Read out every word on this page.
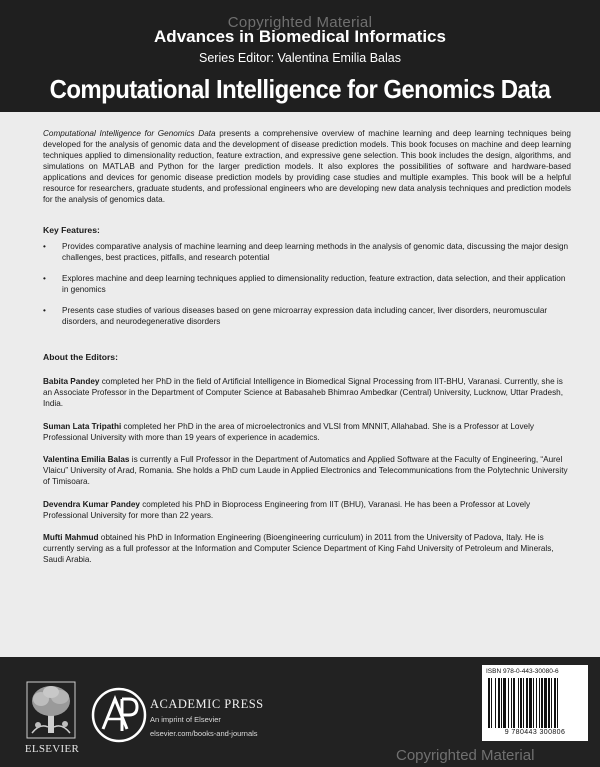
Copyrighted Material
Advances in Biomedical Informatics
Series Editor: Valentina Emilia Balas
Computational Intelligence for Genomics Data

Computational Intelligence for Genomics Data presents a comprehensive overview of machine learning and deep learning techniques being developed for the analysis of genomic data and the development of disease prediction models. This book focuses on machine and deep learning techniques applied to dimensionality reduction, feature extraction, and expressive gene selection. This book includes the design, algorithms, and simulations on MATLAB and Python for the larger prediction models. It also explores the possibilities of software and hardware-based applications and devices for genomic disease prediction models by providing case studies and multiple examples. This book will be a helpful resource for researchers, graduate students, and professional engineers who are developing new data analysis techniques and prediction models for the analysis of genomics data.

Key Features:

• Provides comparative analysis of machine learning and deep learning methods in the analysis of genomic data, discussing the major design challenges, best practices, pitfalls, and research potential
• Explores machine and deep learning techniques applied to dimensionality reduction, feature extraction, data selection, and their application in genomics
• Presents case studies of various diseases based on gene microarray expression data including cancer, liver disorders, neuromuscular disorders, and neurodegenerative disorders

About the Editors:

Babita Pandey completed her PhD in the field of Artificial Intelligence in Biomedical Signal Processing from IIT-BHU, Varanasi. Currently, she is an Associate Professor in the Department of Computer Science at Babasaheb Bhimrao Ambedkar (Central) University, Lucknow, Uttar Pradesh, India.

Suman Lata Tripathi completed her PhD in the area of microelectronics and VLSI from MNNIT, Allahabad. She is a Professor at Lovely Professional University with more than 19 years of experience in academics.

Valentina Emilia Balas is currently a Full Professor in the Department of Automatics and Applied Software at the Faculty of Engineering, “Aurel Vlaicu” University of Arad, Romania. She holds a PhD cum Laude in Applied Electronics and Telecommunications from the Polytechnic University of Timisoara.

Devendra Kumar Pandey completed his PhD in Bioprocess Engineering from IIT (BHU), Varanasi. He has been a Professor at Lovely Professional University for more than 22 years.

Mufti Mahmud obtained his PhD in Information Engineering (Bioengineering curriculum) in 2011 from the University of Padova, Italy. He is currently serving as a full professor at the Information and Computer Science Department of King Fahd University of Petroleum and Minerals, Saudi Arabia.

ELSEVIER
ACADEMIC PRESS
An imprint of Elsevier
elsevier.com/books-and-journals
Copyrighted Material
ISBN 978-0-443-30080-6
9 780443 300806
